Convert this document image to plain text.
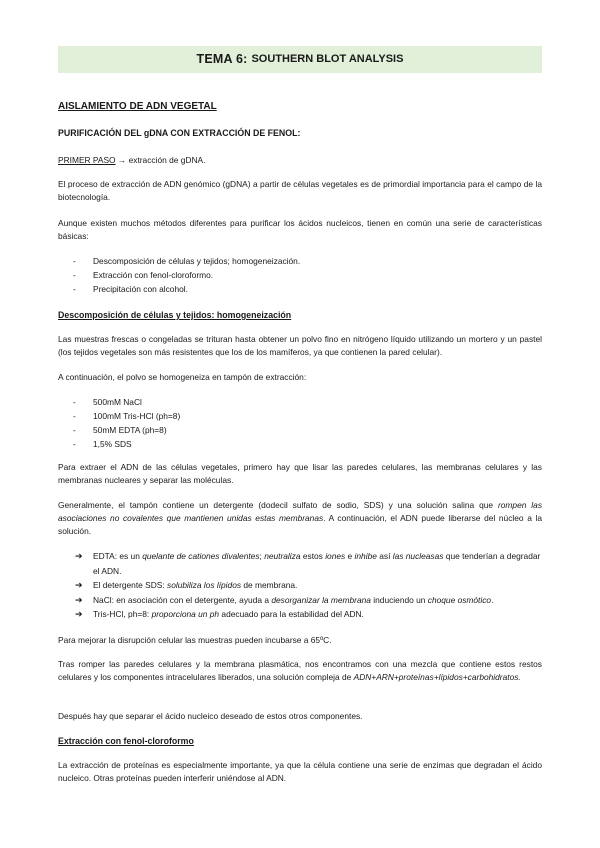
TEMA 6: SOUTHERN BLOT ANALYSIS
AISLAMIENTO DE ADN VEGETAL
PURIFICACIÓN DEL gDNA CON EXTRACCIÓN DE FENOL:
PRIMER PASO → extracción de gDNA.

El proceso de extracción de ADN genómico (gDNA) a partir de células vegetales es de primordial importancia para el campo de la biotecnología.

Aunque existen muchos métodos diferentes para purificar los ácidos nucleicos, tienen en común una serie de características básicas:

- Descomposición de células y tejidos; homogeneización.
- Extracción con fenol-cloroformo.
- Precipitación con alcohol.
Descomposición de células y tejidos: homogeneización

Las muestras frescas o congeladas se trituran hasta obtener un polvo fino en nitrógeno líquido utilizando un mortero y un pastel (los tejidos vegetales son más resistentes que los de los mamíferos, ya que contienen la pared celular).

A continuación, el polvo se homogeneiza en tampón de extracción:

- 500mM NaCl
- 100mM Tris-HCl (ph=8)
- 50mM EDTA (ph=8)
- 1,5% SDS

Para extraer el ADN de las células vegetales, primero hay que lisar las paredes celulares, las membranas celulares y las membranas nucleares y separar las moléculas.

Generalmente, el tampón contiene un detergente (dodecil sulfato de sodio, SDS) y una solución salina que rompen las asociaciones no covalentes que mantienen unidas estas membranas. A continuación, el ADN puede liberarse del núcleo a la solución.

➔ EDTA: es un quelante de cationes divalentes; neutraliza estos iones e inhibe así las nucleasas que tenderían a degradar el ADN.
➔ El detergente SDS: solubiliza los lípidos de membrana.
➔ NaCl: en asociación con el detergente, ayuda a desorganizar la membrana induciendo un choque osmótico.
➔ Tris-HCl, ph=8: proporciona un ph adecuado para la estabilidad del ADN.

Para mejorar la disrupción celular las muestras pueden incubarse a 65ºC.

Tras romper las paredes celulares y la membrana plasmática, nos encontramos con una mezcla que contiene estos restos celulares y los componentes intracelulares liberados, una solución compleja de ADN+ARN+proteínas+lípidos+carbohidratos.

Después hay que separar el ácido nucleico deseado de estos otros componentes.

Extracción con fenol-cloroformo

La extracción de proteínas es especialmente importante, ya que la célula contiene una serie de enzimas que degradan el ácido nucleico. Otras proteínas pueden interferir uniéndose al ADN.
